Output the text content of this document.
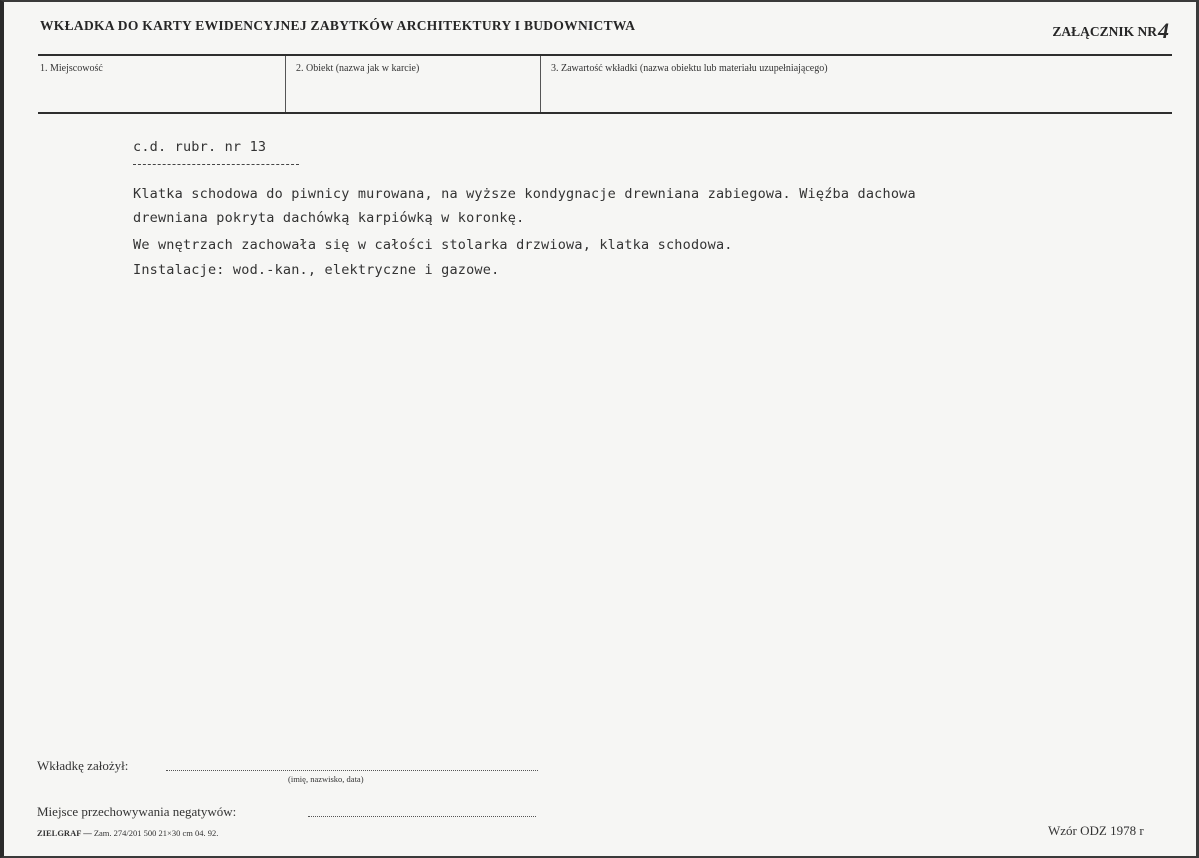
WKŁADKA DO KARTY EWIDENCYJNEJ ZABYTKÓW ARCHITEKTURY I BUDOWNICTWA	ZAŁĄCZNIK NR4
1. Miejscowość	2. Obiekt (nazwa jak w karcie)	3. Zawartość wkładki (nazwa obiektu lub materiału uzupełniającego)
c.d. rubr. nr 13
Klatka schodowa do piwnicy murowana, na wyższe kondygnacje drewniana zabiegowa. Więźba dachowa
drewniana pokryta dachówką karpiówką w koronkę.
We wnętrzach zachowała się w całości stolarka drzwiowa, klatka schodowa.
Instalacje: wod.-kan., elektryczne i gazowe.
Wkładkę założył:
(imię, nazwisko, data)
Miejsce przechowywania negatywów:
ZIELGRAF — Zam. 274/201 500 21×30 cm 04. 92.	Wzór ODZ 1978 r
